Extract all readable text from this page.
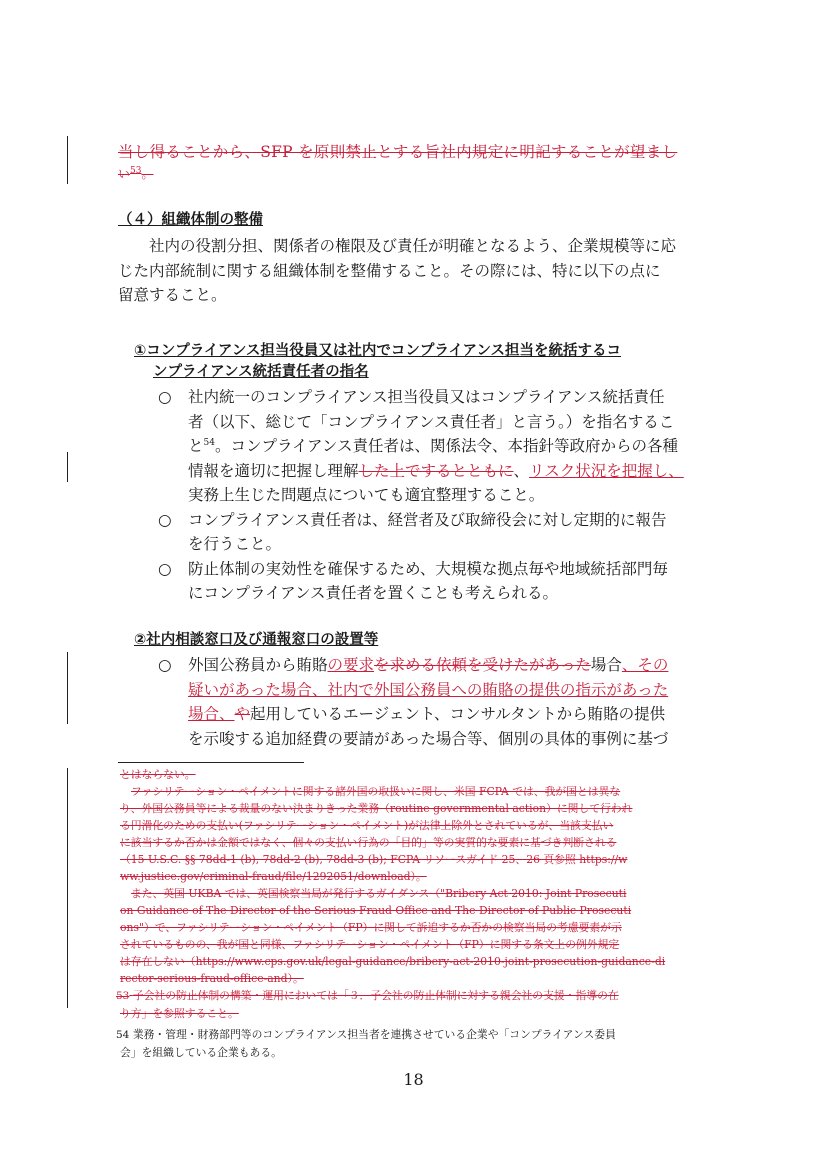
当し得ることから、SFP を原則禁止とする旨社内規定に明記することが望まし
い$^{53}$。
（４）組織体制の整備
社内の役割分担、関係者の権限及び責任が明確となるよう、企業規模等に応
じた内部統制に関する組織体制を整備すること。その際には、特に以下の点に
留意すること。
①コンプライアンス担当役員又は社内でコンプライアンス担当を統括するコ
ンプライアンス統括責任者の指名
○ 社内統一のコンプライアンス担当役員又はコンプライアンス統括責任
者（以下、総じて「コンプライアンス責任者」と言う。）を指名するこ
と$^{54}$。コンプライアンス責任者は、関係法令、本指針等政府からの各種
情報を適切に把握し理解した上でするとともに、リスク状況を把握し、
実務上生じた問題点についても適宜整理すること。
○ コンプライアンス責任者は、経営者及び取締役会に対し定期的に報告
を行うこと。
○ 防止体制の実効性を確保するため、大規模な拠点毎や地域統括部門毎
にコンプライアンス責任者を置くことも考えられる。
②社内相談窓口及び通報窓口の設置等
○ 外国公務員から賄賂の要求を求める依頼を受けたがあった場合、その
疑いがあった場合、社内で外国公務員への賄賂の提供の指示があった
場合、や起用しているエージェント、コンサルタントから賄賂の提供
を示唆する追加経費の要請があった場合等、個別の具体的事例に基づ
とはならない。
ファシリテーション・ペイメントに関する諸外国の取扱いに関し、米国 FCPA では、我が国とは異な
り、外国公務員等による裁量のない決まりきった業務（routine governmental action）に関して行われ
る円滑化のための支払い(ファシリテーション・ペイメント)が法律上除外とされているが、当該支払い
に該当するか否かは金額ではなく、個々の支払い行為の「目的」等の実質的な要素に基づき判断される
（15 U.S.C. §§ 78dd-1 (b), 78dd-2 (b), 78dd-3 (b); FCPA リソースガイド 25、26 頁参照 https://w
ww.justice.gov/criminal-fraud/file/1292051/download）。
また、英国 UKBA では、英国検察当局が発行するガイダンス（"Bribery Act 2010: Joint Prosecuti
on Guidance of The Director of the Serious Fraud Office and The Director of Public Prosecuti
ons"）で、ファシリテーション・ペイメント（FP）に関して訴追するか否かの検察当局の考慮要素が示
されているものの、我が国と同様、ファシリテーション・ペイメント（FP）に関する条文上の例外規定
は存在しない（https://www.cps.gov.uk/legal-guidance/bribery-act-2010-joint-prosecution-guidance-di
rector-serious-fraud-office-and）。
53 子会社の防止体制の構築・運用においては「３．子会社の防止体制に対する親会社の支援・指導の在
り方」を参照すること。
54 業務・管理・財務部門等のコンプライアンス担当者を連携させている企業や「コンプライアンス委員
会」を組織している企業もある。
18
